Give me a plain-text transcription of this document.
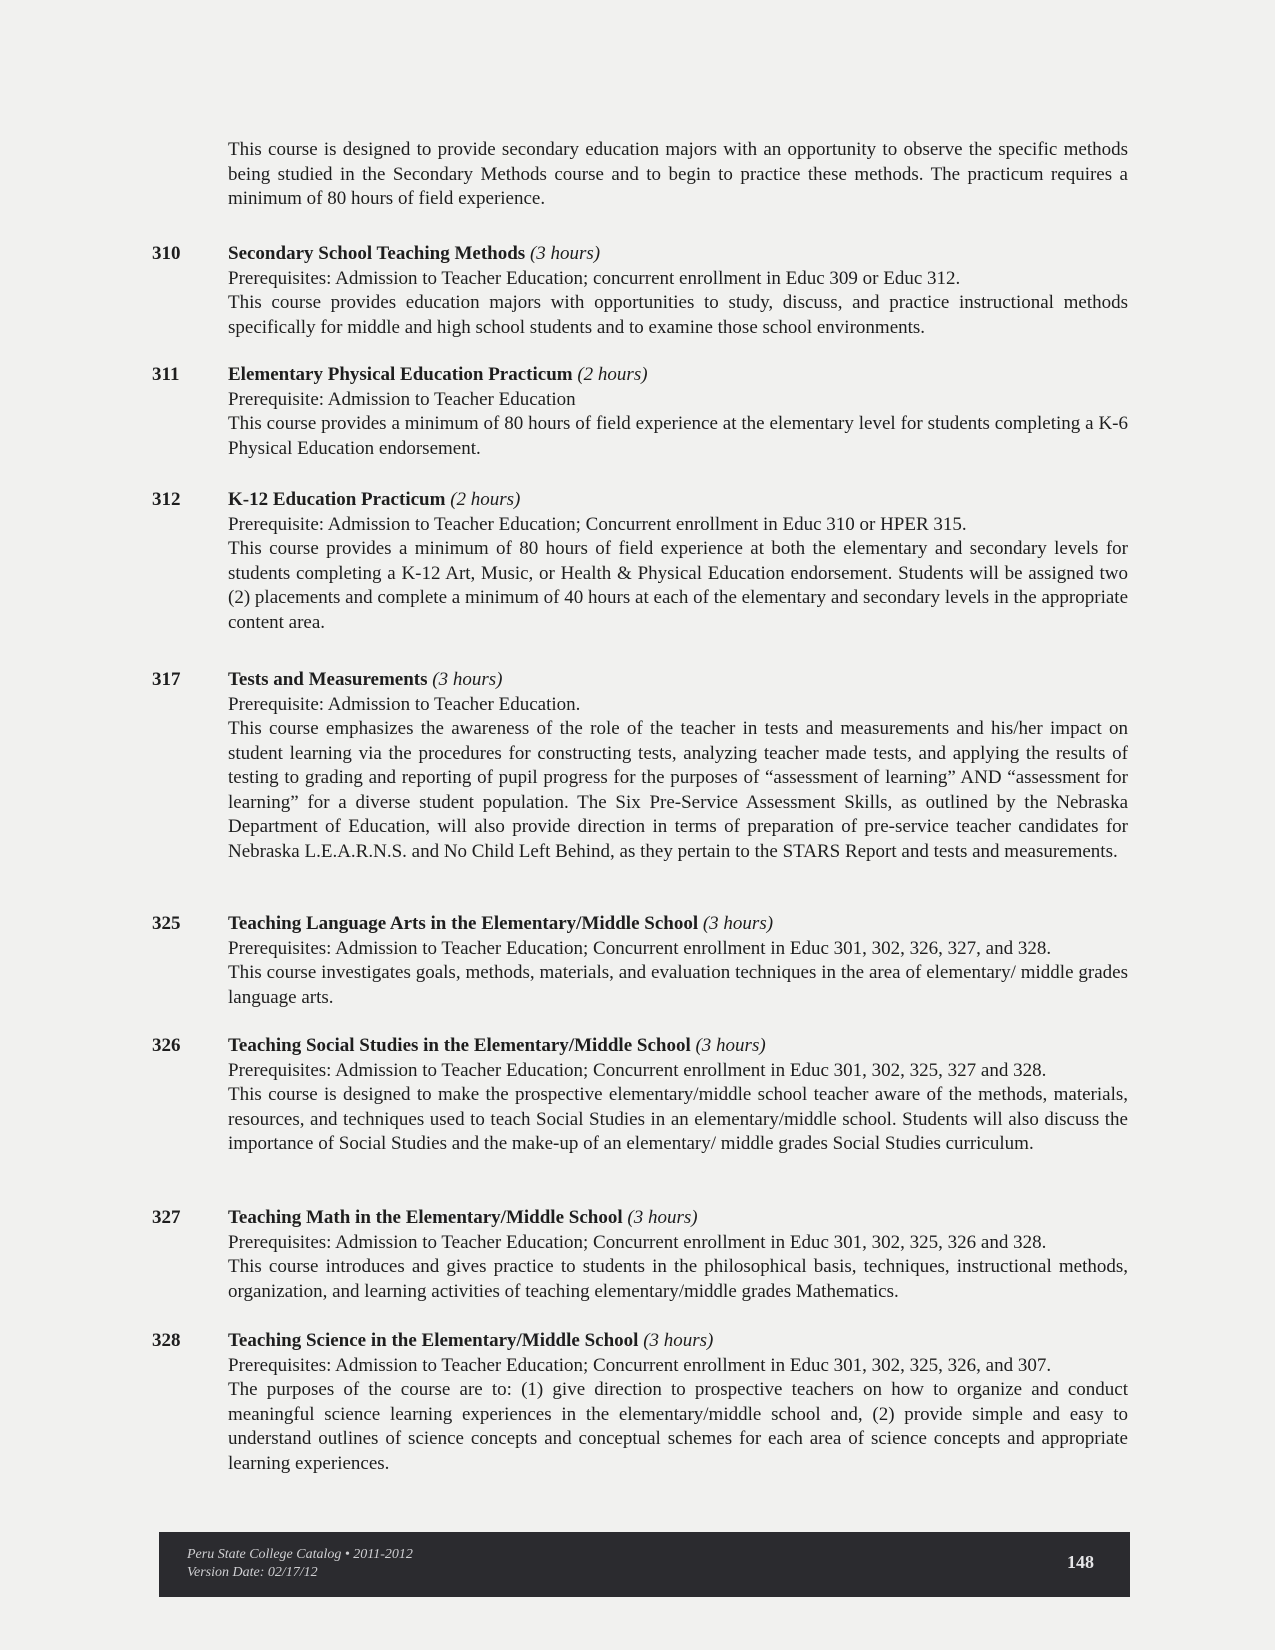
This course is designed to provide secondary education majors with an opportunity to observe the specific methods being studied in the Secondary Methods course and to begin to practice these methods. The practicum requires a minimum of 80 hours of field experience.

310	Secondary School Teaching Methods (3 hours)

Prerequisites: Admission to Teacher Education; concurrent enrollment in Educ 309 or Educ 312.

This course provides education majors with opportunities to study, discuss, and practice instructional methods specifically for middle and high school students and to examine those school environments.

311	Elementary Physical Education Practicum (2 hours)

Prerequisite: Admission to Teacher Education

This course provides a minimum of 80 hours of field experience at the elementary level for students completing a K-6 Physical Education endorsement.

312	K-12 Education Practicum (2 hours)

Prerequisite: Admission to Teacher Education; Concurrent enrollment in Educ 310 or HPER 315.

This course provides a minimum of 80 hours of field experience at both the elementary and secondary levels for students completing a K-12 Art, Music, or Health & Physical Education endorsement. Students will be assigned two (2) placements and complete a minimum of 40 hours at each of the elementary and secondary levels in the appropriate content area.

317	Tests and Measurements (3 hours)

Prerequisite: Admission to Teacher Education.

This course emphasizes the awareness of the role of the teacher in tests and measurements and his/her impact on student learning via the procedures for constructing tests, analyzing teacher made tests, and applying the results of testing to grading and reporting of pupil progress for the purposes of “assessment of learning” AND “assessment for learning” for a diverse student population. The Six Pre-Service Assessment Skills, as outlined by the Nebraska Department of Education, will also provide direction in terms of preparation of pre-service teacher candidates for Nebraska L.E.A.R.N.S. and No Child Left Behind, as they pertain to the STARS Report and tests and measurements.

325	Teaching Language Arts in the Elementary/Middle School (3 hours)

Prerequisites: Admission to Teacher Education; Concurrent enrollment in Educ 301, 302, 326, 327, and 328.

This course investigates goals, methods, materials, and evaluation techniques in the area of elementary/ middle grades language arts.

326	Teaching Social Studies in the Elementary/Middle School (3 hours)

Prerequisites: Admission to Teacher Education; Concurrent enrollment in Educ 301, 302, 325, 327 and 328.

This course is designed to make the prospective elementary/middle school teacher aware of the methods, materials, resources, and techniques used to teach Social Studies in an elementary/middle school. Students will also discuss the importance of Social Studies and the make-up of an elementary/ middle grades Social Studies curriculum.

327	Teaching Math in the Elementary/Middle School (3 hours)

Prerequisites: Admission to Teacher Education; Concurrent enrollment in Educ 301, 302, 325, 326 and 328.

This course introduces and gives practice to students in the philosophical basis, techniques, instructional methods, organization, and learning activities of teaching elementary/middle grades Mathematics.

328	Teaching Science in the Elementary/Middle School (3 hours)

Prerequisites: Admission to Teacher Education; Concurrent enrollment in Educ 301, 302, 325, 326, and 307.

The purposes of the course are to: (1) give direction to prospective teachers on how to organize and conduct meaningful science learning experiences in the elementary/middle school and, (2) provide simple and easy to understand outlines of science concepts and conceptual schemes for each area of science concepts and appropriate learning experiences.

Peru State College Catalog • 2011-2012
Version Date: 02/17/12
148
